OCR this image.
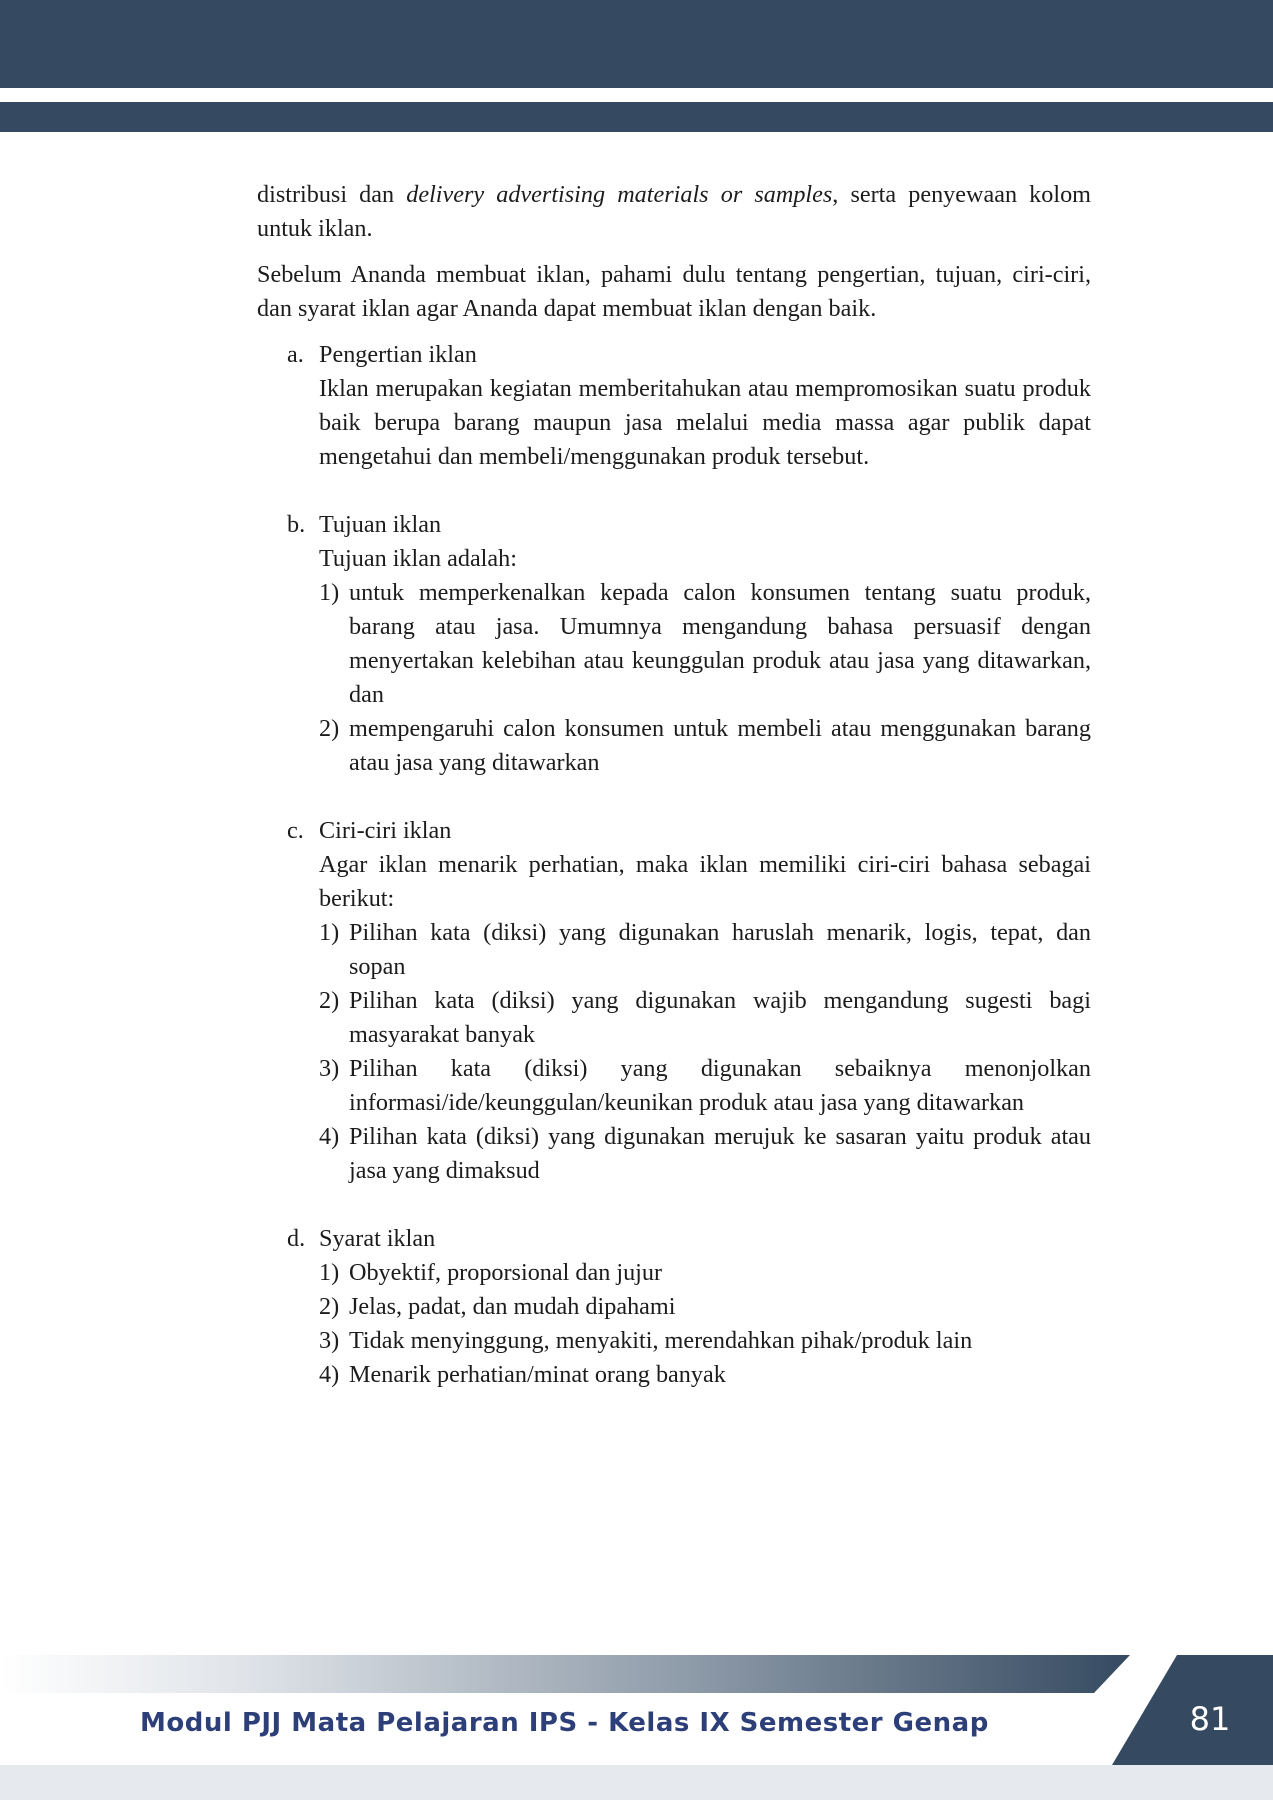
distribusi dan delivery advertising materials or samples, serta penyewaan kolom untuk iklan.

Sebelum Ananda membuat iklan, pahami dulu tentang pengertian, tujuan, ciri-ciri, dan syarat iklan agar Ananda dapat membuat iklan dengan baik.

a. Pengertian iklan
Iklan merupakan kegiatan memberitahukan atau mempromosikan suatu produk baik berupa barang maupun jasa melalui media massa agar publik dapat mengetahui dan membeli/menggunakan produk tersebut.
b. Tujuan iklan
Tujuan iklan adalah:
1) untuk memperkenalkan kepada calon konsumen tentang suatu produk, barang atau jasa. Umumnya mengandung bahasa persuasif dengan menyertakan kelebihan atau keunggulan produk atau jasa yang ditawarkan, dan
2) mempengaruhi calon konsumen untuk membeli atau menggunakan barang atau jasa yang ditawarkan
c. Ciri-ciri iklan
Agar iklan menarik perhatian, maka iklan memiliki ciri-ciri bahasa sebagai berikut:
1) Pilihan kata (diksi) yang digunakan haruslah menarik, logis, tepat, dan sopan
2) Pilihan kata (diksi) yang digunakan wajib mengandung sugesti bagi masyarakat banyak
3) Pilihan kata (diksi) yang digunakan sebaiknya menonjolkan informasi/ide/keunggulan/keunikan produk atau jasa yang ditawarkan
4) Pilihan kata (diksi) yang digunakan merujuk ke sasaran yaitu produk atau jasa yang dimaksud
d. Syarat iklan
1) Obyektif, proporsional dan jujur
2) Jelas, padat, dan mudah dipahami
3) Tidak menyinggung, menyakiti, merendahkan pihak/produk lain
4) Menarik perhatian/minat orang banyak
Modul PJJ Mata Pelajaran IPS - Kelas IX Semester Genap	81
